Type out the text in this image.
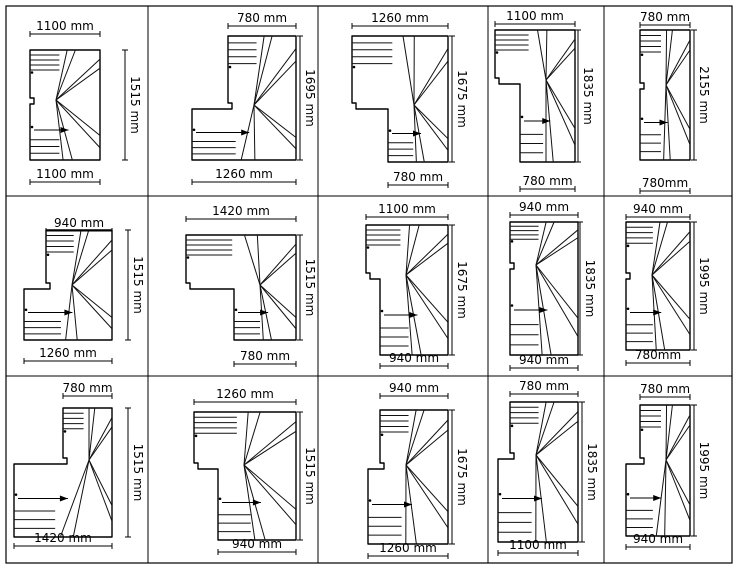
1100 mm
1100 mm
1515 mm
780 mm
1260 mm
1695 mm
1260 mm
780 mm
1675 mm
1100 mm
780 mm
1835 mm
780 mm
780mm
2155 mm
940 mm
1260 mm
1515 mm
1420 mm
780 mm
1515 mm
1100 mm
940 mm
1675 mm
940 mm
940 mm
1835 mm
940 mm
780mm
1995 mm
780 mm
1420 mm
1515 mm
1260 mm
940 mm
1515 mm
940 mm
1260 mm
1675 mm
780 mm
1100 mm
1835 mm
780 mm
940 mm
1995 mm
